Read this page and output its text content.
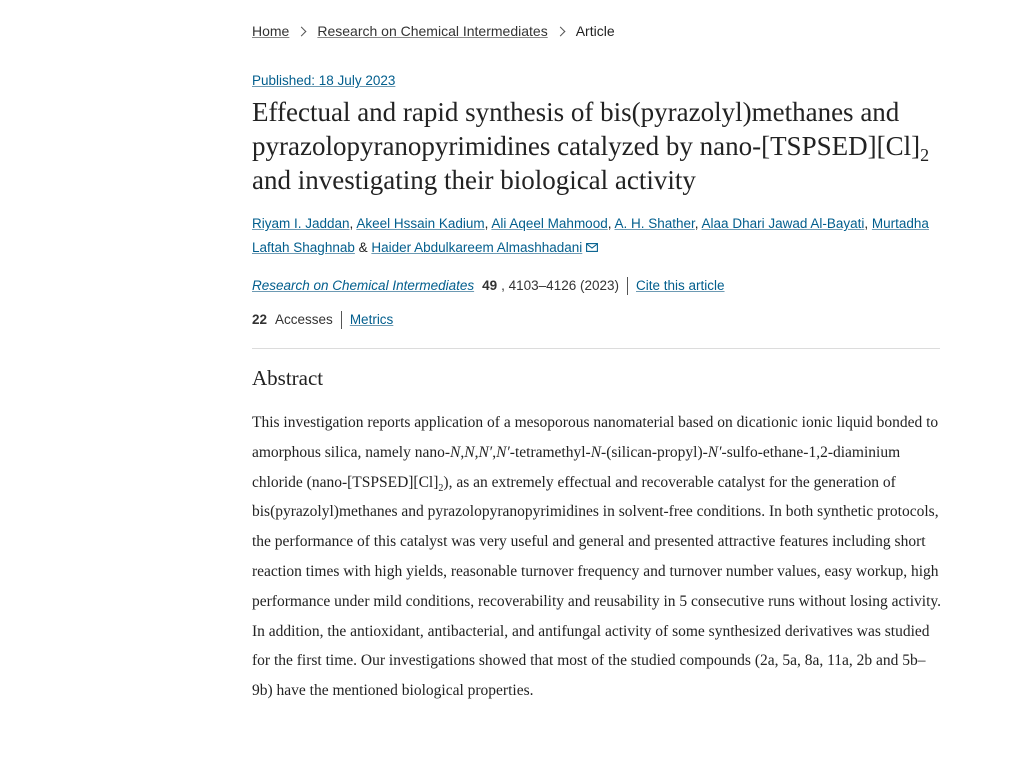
Home Research on Chemical Intermediates Article
Published: 18 July 2023
Effectual and rapid synthesis of bis(pyrazolyl)methanes and pyrazolopyranopyrimidines catalyzed by nano-$[TSPSED][Cl]_2$ and investigating their biological activity
Riyam I. Jaddan, Akeel Hssain Kadium, Ali Aqeel Mahmood, A. H. Shather, Alaa Dhari Jawad Al-Bayati, Murtadha Laftah Shaghnab & Haider Abdulkareem Almashhadani
Research on Chemical Intermediates 49 , 4103–4126 (2023) Cite this article
22 Accesses Metrics
Abstract

This investigation reports application of a mesoporous nanomaterial based on dicationic ionic liquid bonded to amorphous silica, namely nano-N,N,N′,N′-tetramethyl-N-(silican-propyl)-N′-sulfo-ethane-1,2-diaminium chloride $(nano-[TSPSED][Cl]_2)$, as an extremely effectual and recoverable catalyst for the generation of bis(pyrazolyl)methanes and pyrazolopyranopyrimidines in solvent-free conditions. In both synthetic protocols, the performance of this catalyst was very useful and general and presented attractive features including short reaction times with high yields, reasonable turnover frequency and turnover number values, easy workup, high performance under mild conditions, recoverability and reusability in 5 consecutive runs without losing activity. In addition, the antioxidant, antibacterial, and antifungal activity of some synthesized derivatives was studied for the first time. Our investigations showed that most of the studied compounds (2a, 5a, 8a, 11a, 2b and 5b–9b) have the mentioned biological properties.
